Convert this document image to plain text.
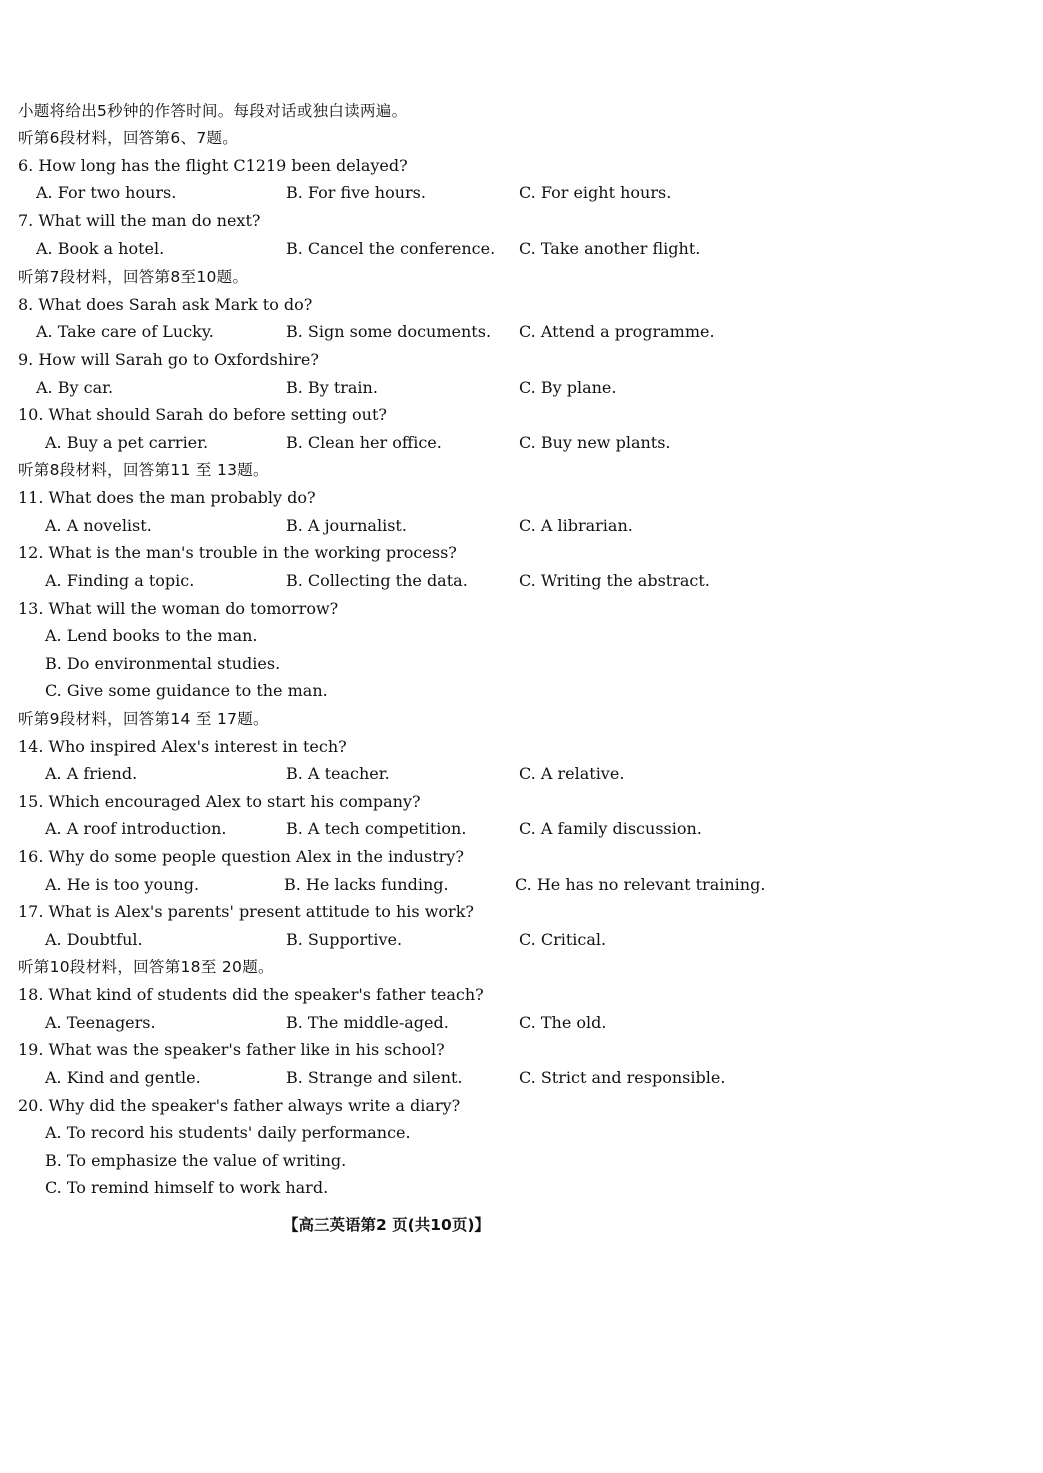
小题将给出5秒钟的作答时间。每段对话或独白读两遍。
听第6段材料，回答第6、7题。
6. How long has the flight C1219 been delayed?
A. For two hours.	B. For five hours.	C. For eight hours.
7. What will the man do next?
A. Book a hotel.	B. Cancel the conference. C. Take another flight.
听第7段材料，回答第8至10题。
8. What does Sarah ask Mark to do?
A. Take care of Lucky.	B. Sign some documents. C. Attend a programme.
9. How will Sarah go to Oxfordshire?
A. By car.	B. By train.	C. By plane.
10. What should Sarah do before setting out?
A. Buy a pet carrier.	B. Clean her office.	C. Buy new plants.
听第8段材料，回答第11 至 13题。
11. What does the man probably do?
A. A novelist.	B. A journalist.	C. A librarian.
12. What is the man's trouble in the working process?
A. Finding a topic.	B. Collecting the data.	C. Writing the abstract.
13. What will the woman do tomorrow?
A. Lend books to the man.
B. Do environmental studies.
C. Give some guidance to the man.
听第9段材料，回答第14 至 17题。
14. Who inspired Alex's interest in tech?
A. A friend.	B. A teacher.	C. A relative.
15. Which encouraged Alex to start his company?
A. A roof introduction.	B. A tech competition.	C. A family discussion.
16. Why do some people question Alex in the industry?
A. He is too young.	B. He lacks funding.	C. He has no relevant training.
17. What is Alex's parents' present attitude to his work?
A. Doubtful.	B. Supportive.	C. Critical.
听第10段材料，回答第18至 20题。
18. What kind of students did the speaker's father teach?
A. Teenagers.	B. The middle-aged.	C. The old.
19. What was the speaker's father like in his school?
A. Kind and gentle.	B. Strange and silent.	C. Strict and responsible.
20. Why did the speaker's father always write a diary?
A. To record his students' daily performance.
B. To emphasize the value of writing.
C. To remind himself to work hard.
【高三英语第2 页(共10页)】
